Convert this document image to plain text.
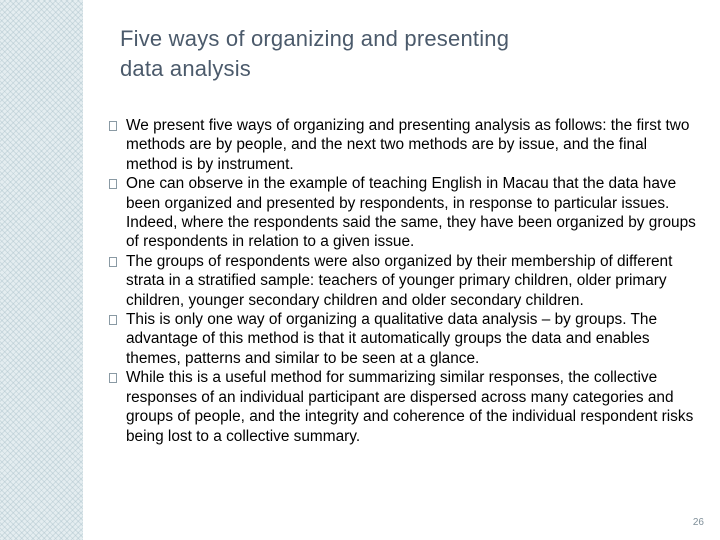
Five ways of organizing and presenting
data analysis
We present five ways of organizing and presenting analysis as follows: the first two methods are by people, and the next two methods are by issue, and the final method is by instrument.
One can observe in the example of teaching English in Macau that the data have been organized and presented by respondents, in response to particular issues. Indeed, where the respondents said the same, they have been organized by groups of respondents in relation to a given issue.
The groups of respondents were also organized by their membership of different strata in a stratified sample: teachers of younger primary children, older primary children, younger secondary children and older secondary children.
This is only one way of organizing a qualitative data analysis – by groups. The advantage of this method is that it automatically groups the data and enables themes, patterns and similar to be seen at a glance.
While this is a useful method for summarizing similar responses, the collective responses of an individual participant are dispersed across many categories and groups of people, and the integrity and coherence of the individual respondent risks being lost to a collective summary.
26
